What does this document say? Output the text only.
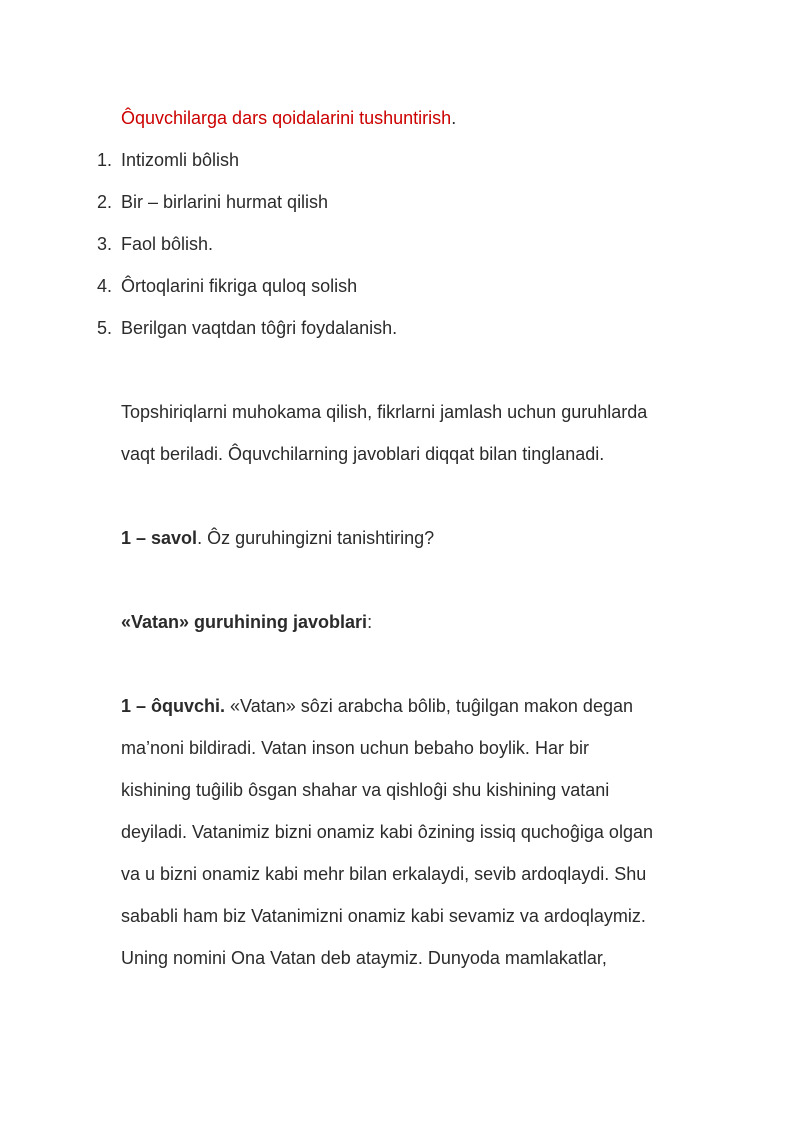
Ôquvchilarga dars qoidalarini tushuntirish.
1. Intizomli bôlish
2. Bir – birlarini hurmat qilish
3. Faol bôlish.
4. Ôrtoqlarini fikriga quloq solish
5. Berilgan vaqtdan tôĝri foydalanish.
Topshiriqlarni muhokama qilish, fikrlarni jamlash uchun guruhlarda
vaqt beriladi. Ôquvchilarning javoblari diqqat bilan tinglanadi.
1 – savol. Ôz guruhingizni tanishtiring?
«Vatan» guruhining javoblari:
1 – ôquvchi. «Vatan» sôzi arabcha bôlib, tuĝilgan makon degan
ma’noni bildiradi. Vatan inson uchun bebaho boylik. Har bir
kishining tuĝilib ôsgan shahar va qishloĝi shu kishining vatani
deyiladi. Vatanimiz bizni onamiz kabi ôzining issiq quchoĝiga olgan
va u bizni onamiz kabi mehr bilan erkalaydi, sevib ardoqlaydi. Shu
sababli ham biz Vatanimizni onamiz kabi sevamiz va ardoqlaymiz.
Uning nomini Ona Vatan deb ataymiz. Dunyoda mamlakatlar,
